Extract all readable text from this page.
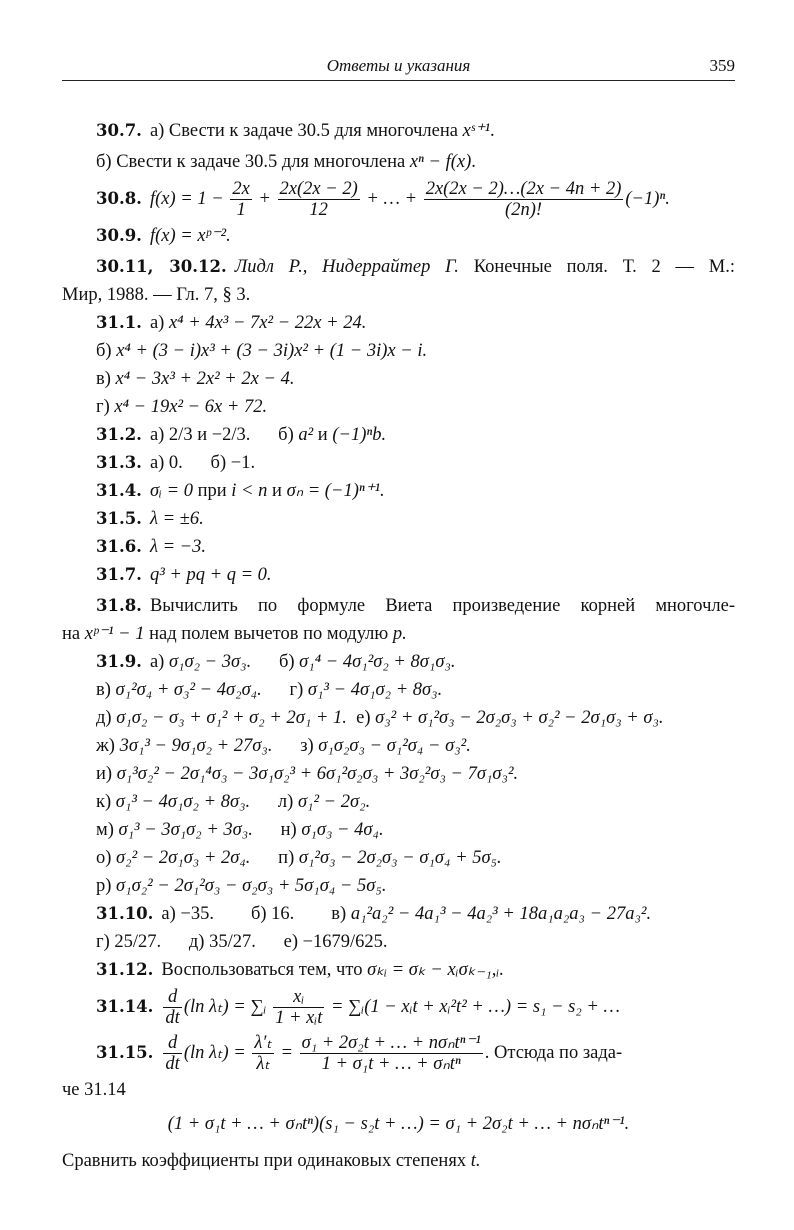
Ответы и указания	359
30.7. а) Свести к задаче 30.5 для многочлена xˢ⁺¹.
б) Свести к задаче 30.5 для многочлена xⁿ − f(x).
30.8. $f(x) = 1 - \frac{2x}{1} + \frac{2x(2x - 2)}{12}$ + … + $\frac{2x(2x - 2)\dots(2x - 4n + 2)}{(2n)!} (-1)^n$.
30.9. f(x) = xᵖ⁻².
30.11, 30.12. Лидл Р., Нидеррайтер Г. Конечные поля. Т. 2 — М.:
Мир, 1988. — Гл. 7, § 3.
31.1. а) x⁴ + 4x³ − 7x² − 22x + 24.
б) x⁴ + (3 − i)x³ + (3 − 3i)x² + (1 − 3i)x − i.
в) x⁴ − 3x³ + 2x² + 2x − 4.
г) x⁴ − 19x² − 6x + 72.
31.2. а) 2/3 и −2/3.      б) a² и (−1)ⁿb.
31.3. а) 0.      б) −1.
31.4. σᵢ = 0 при i < n и σₙ = (−1)ⁿ⁺¹.
31.5. λ = ±6.
31.6. λ = −3.
31.7. q³ + pq + q = 0.
31.8. Вычислить по формуле Виета произведение корней многочле-
на xᵖ⁻¹ − 1 над полем вычетов по модулю p.
31.9. а) σ₁σ₂ − 3σ₃.      б) σ₁⁴ − 4σ₁²σ₂ + 8σ₁σ₃.
в) σ₁²σ₄ + σ₃² − 4σ₂σ₄.      г) σ₁³ − 4σ₁σ₂ + 8σ₃.
д) σ₁σ₂ − σ₃ + σ₁² + σ₂ + 2σ₁ + 1.  е) σ₃² + σ₁²σ₃ − 2σ₂σ₃ + σ₂² − 2σ₁σ₃ + σ₃.
ж) 3σ₁³ − 9σ₁σ₂ + 27σ₃.      з) σ₁σ₂σ₃ − σ₁²σ₄ − σ₃².
и) σ₁³σ₂² − 2σ₁⁴σ₃ − 3σ₁σ₂³ + 6σ₁²σ₂σ₃ + 3σ₂²σ₃ − 7σ₁σ₃².
к) σ₁³ − 4σ₁σ₂ + 8σ₃.      л) σ₁² − 2σ₂.
м) σ₁³ − 3σ₁σ₂ + 3σ₃.      н) σ₁σ₃ − 4σ₄.
о) σ₂² − 2σ₁σ₃ + 2σ₄.      п) σ₁²σ₃ − 2σ₂σ₃ − σ₁σ₄ + 5σ₅.
р) σ₁σ₂² − 2σ₁²σ₃ − σ₂σ₃ + 5σ₁σ₄ − 5σ₅.
31.10. а) −35.        б) 16.        в) a₁²a₂² − 4a₁³ − 4a₂³ + 18a₁a₂a₃ − 27a₃².
г) 25/27.      д) 35/27.      е) −1679/625.
31.12. Воспользоваться тем, что σₖᵢ = σₖ − xᵢσₖ₋₁,ᵢ.
31.14. $\frac{d}{dt} (\ln$ λₜ) = ∑ᵢ $\frac{\text{xᵢ}}{\text{1 + xᵢt}}$ = ∑ᵢ(1 − xᵢt + xᵢ²t² + …) = s₁ − s₂ + …
31.15. $\frac{d}{dt} (\ln$ $\lambda_t) = \frac{\text{λ′ₜ}}{\text{λₜ}} = \frac{\text{σ₁ + 2σ₂t + … + nσₙtⁿ⁻¹}}{\text{1 + σ₁t + … + σₙtⁿ}}$ . Отсюда по зада-
че 31.14
(1 + σ₁t + … + σₙtⁿ)(s₁ − s₂t + …) = σ₁ + 2σ₂t + … + nσₙtⁿ⁻¹.
Сравнить коэффициенты при одинаковых степенях t.
